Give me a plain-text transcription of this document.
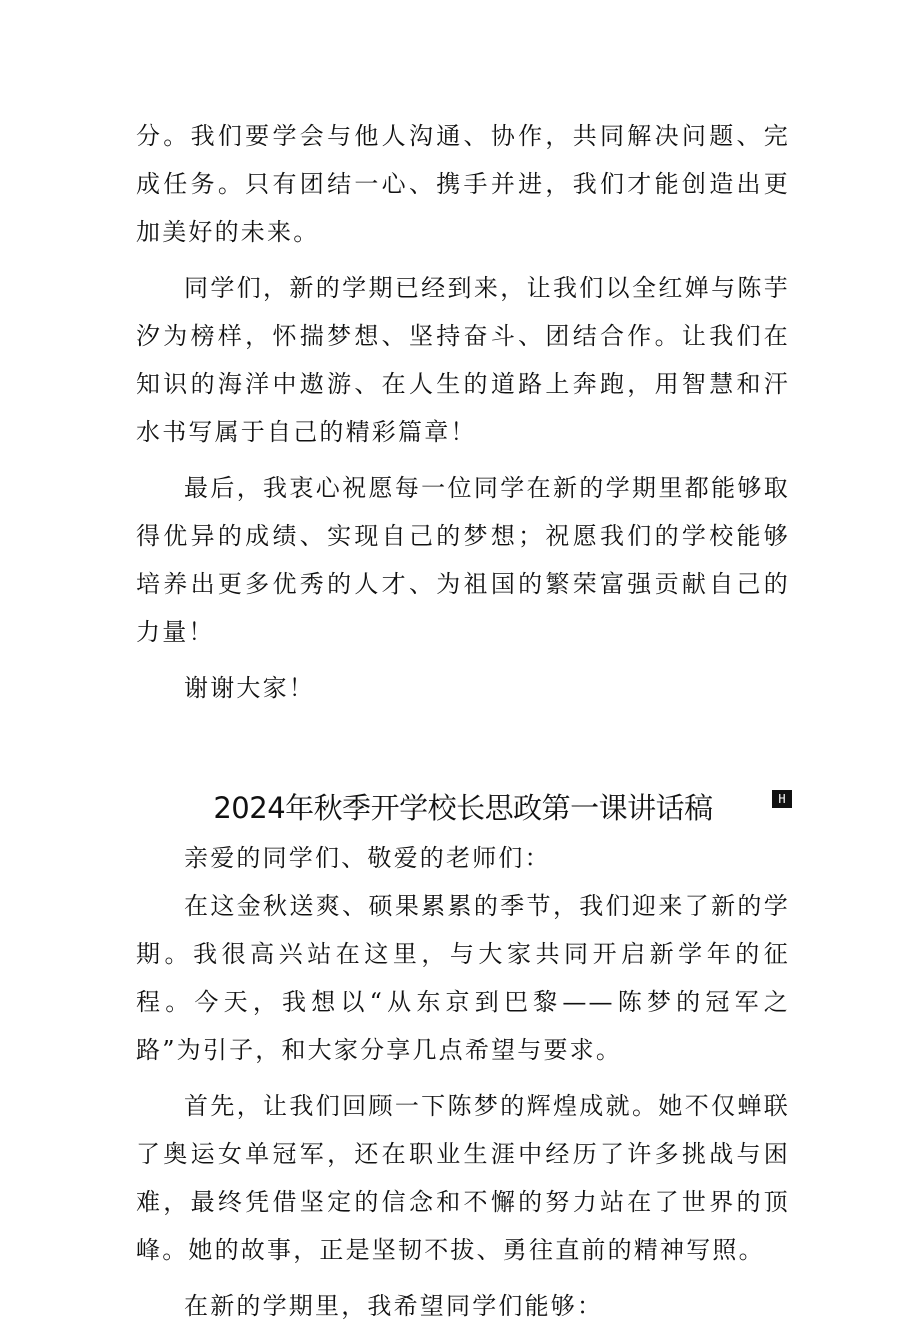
分。我们要学会与他人沟通、协作，共同解决问题、完成任务。只有团结一心、携手并进，我们才能创造出更加美好的未来。

同学们，新的学期已经到来，让我们以全红婵与陈芋汐为榜样，怀揣梦想、坚持奋斗、团结合作。让我们在知识的海洋中遨游、在人生的道路上奔跑，用智慧和汗水书写属于自己的精彩篇章！

最后，我衷心祝愿每一位同学在新的学期里都能够取得优异的成绩、实现自己的梦想；祝愿我们的学校能够培养出更多优秀的人才、为祖国的繁荣富强贡献自己的力量！

谢谢大家！

2024年秋季开学校长思政第一课讲话稿	H

亲爱的同学们、敬爱的老师们：

在这金秋送爽、硕果累累的季节，我们迎来了新的学期。我很高兴站在这里，与大家共同开启新学年的征程。今天，我想以“从东京到巴黎——陈梦的冠军之路”为引子，和大家分享几点希望与要求。

首先，让我们回顾一下陈梦的辉煌成就。她不仅蝉联了奥运女单冠军，还在职业生涯中经历了许多挑战与困难，最终凭借坚定的信念和不懈的努力站在了世界的顶峰。她的故事，正是坚韧不拔、勇往直前的精神写照。

在新的学期里，我希望同学们能够：
